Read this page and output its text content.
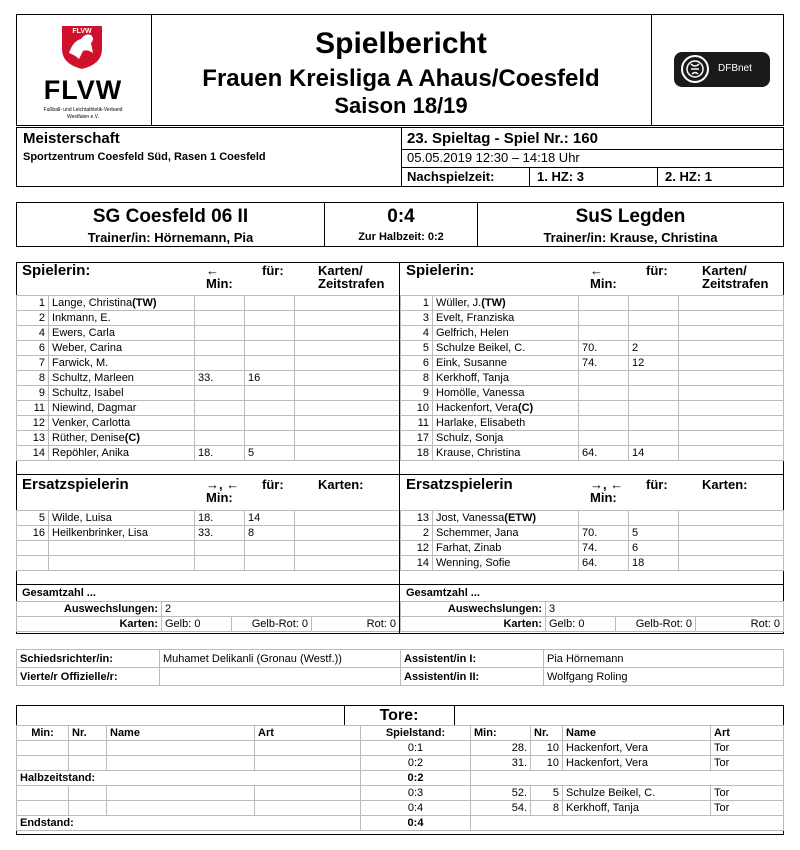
FLVW
FLVW
Fußball- und Leichtathletik-Verband
Westfalen e.V.
Spielbericht
Frauen Kreisliga A Ahaus/Coesfeld
Saison 18/19
DFBnet
Meisterschaft
Sportzentrum Coesfeld Süd, Rasen 1 Coesfeld
23. Spieltag - Spiel Nr.: 160
05.05.2019 12:30 – 14:18 Uhr
Nachspielzeit:	1. HZ: 3	2. HZ: 1
SG Coesfeld 06 II
Trainer/in: Hörnemann, Pia
0:4
Zur Halbzeit: 0:2
SuS Legden
Trainer/in: Krause, Christina
Spielerin:	←
Min:	für:	Karten/
Zeitstrafen
Spielerin:	←
Min:	für:	Karten/
Zeitstrafen
1	Lange, Christina(TW)			
2	Inkmann, E.			
4	Ewers, Carla			
6	Weber, Carina			
7	Farwick, M.			
8	Schultz, Marleen	33.	16	
9	Schultz, Isabel			
11	Niewind, Dagmar			
12	Venker, Carlotta			
13	Rüther, Denise(C)			
14	Repöhler, Anika	18.	5	
1	Wüller, J.(TW)			
3	Evelt, Franziska			
4	Gelfrich, Helen			
5	Schulze Beikel, C.	70.	2	
6	Eink, Susanne	74.	12	
8	Kerkhoff, Tanja			
9	Homölle, Vanessa			
10	Hackenfort, Vera(C)			
11	Harlake, Elisabeth			
17	Schulz, Sonja			
18	Krause, Christina	64.	14	
Ersatzspielerin	→, ←
Min:	für:	Karten:	Ersatzspielerin	→, ←
Min:	für:	Karten:
5	Wilde, Luisa	18.	14	
16	Heilkenbrinker, Lisa	33.	8	

13	Jost, Vanessa(ETW)			
2	Schemmer, Jana	70.	5	
12	Farhat, Zinab	74.	6	
14	Wenning, Sofie	64.	18	
Gesamtzahl ...	Gesamtzahl ...
Auswechslungen:	2		
Karten:	Gelb: 0	Gelb-Rot: 0	Rot: 0
Auswechslungen:	3		
Karten:	Gelb: 0	Gelb-Rot: 0	Rot: 0
Schiedsrichter/in:	Muhamet Delikanli (Gronau (Westf.))	Assistent/in I:	Pia Hörnemann
Vierte/r Offizielle/r:		Assistent/in II:	Wolfgang Roling
Tore:
Min:	Nr.	Name	Art	Spielstand:	Min:	Nr.	Name	Art
				0:1	28.	10	Hackenfort, Vera	Tor
				0:2	31.	10	Hackenfort, Vera	Tor
Halbzeitstand:				0:2				
				0:3	52.	5	Schulze Beikel, C.	Tor
				0:4	54.	8	Kerkhoff, Tanja	Tor
Endstand:				0:4				
